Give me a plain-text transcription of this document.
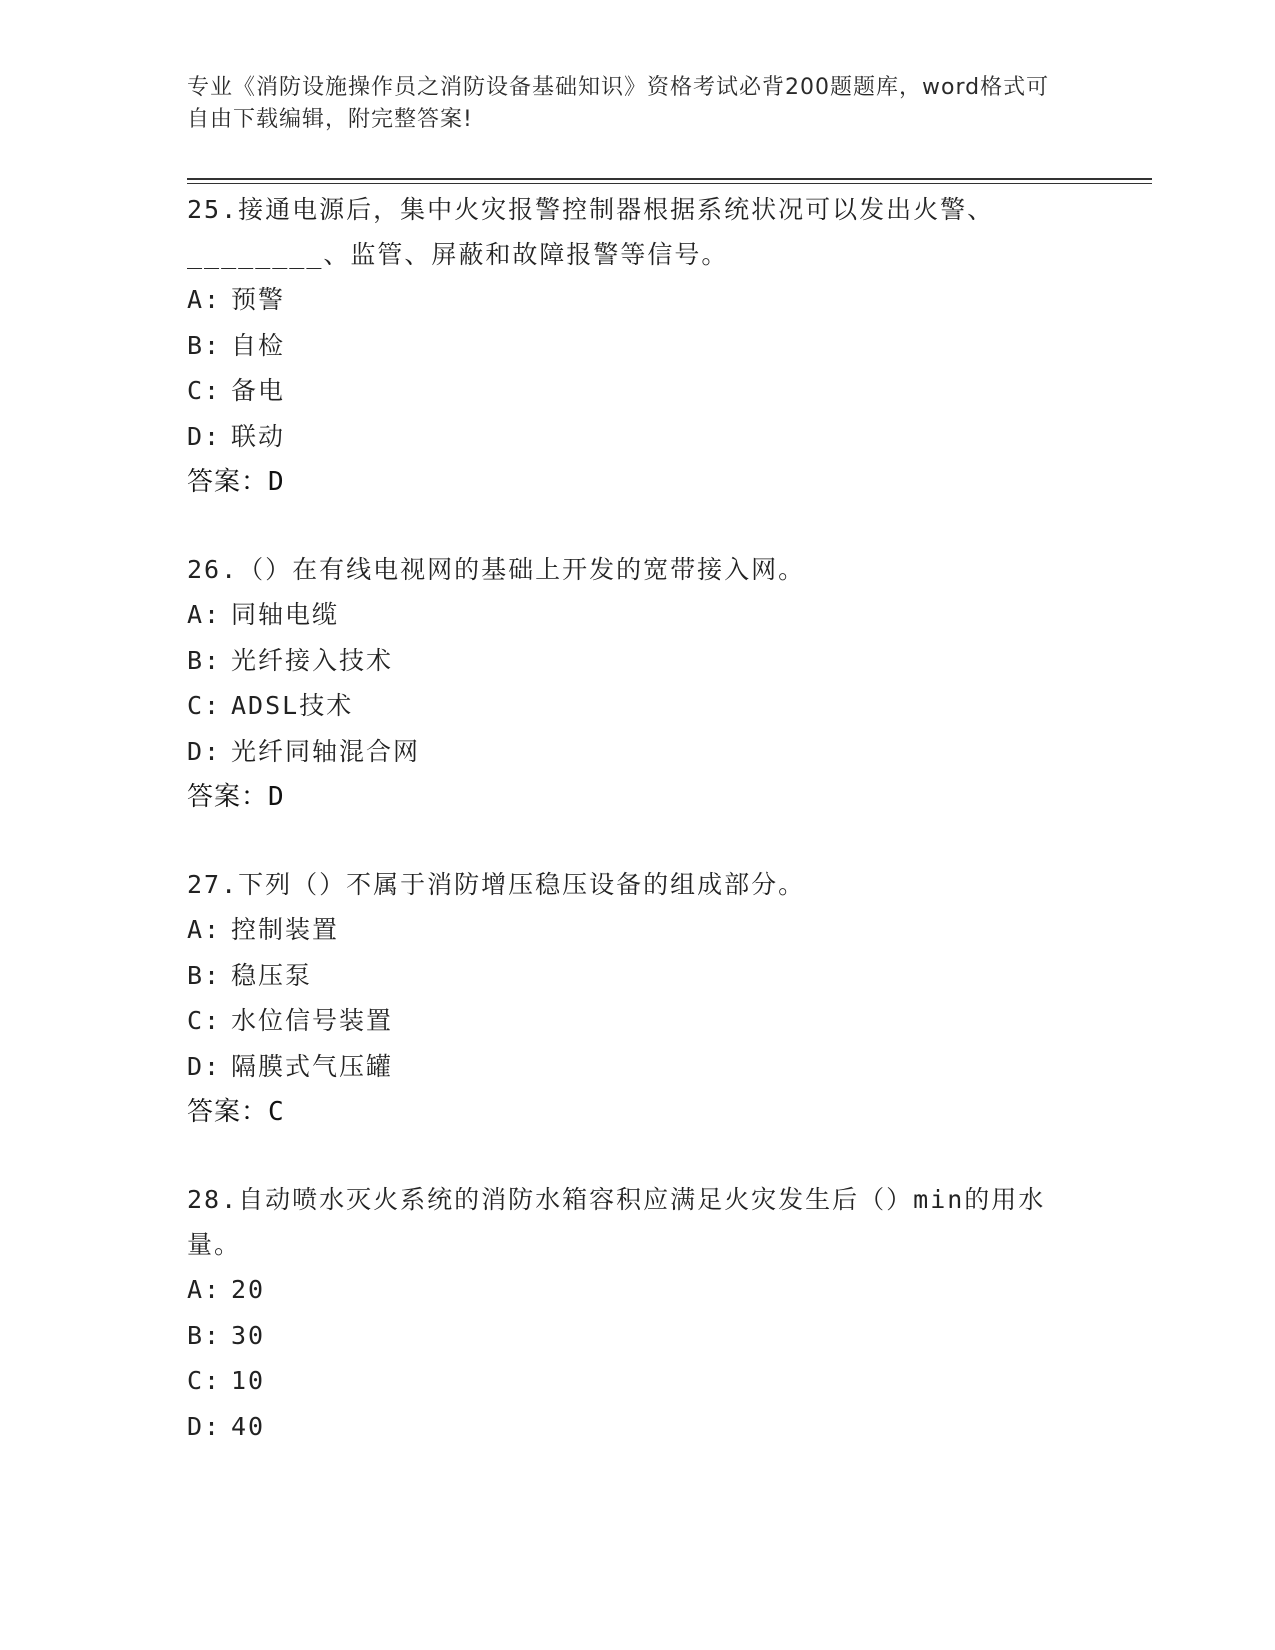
专业《消防设施操作员之消防设备基础知识》资格考试必背200题题库，word格式可自由下载编辑，附完整答案!
25.接通电源后，集中火灾报警控制器根据系统状况可以发出火警、________、监管、屏蔽和故障报警等信号。
A: 预警
B: 自检
C: 备电
D: 联动
答案：D
26.（）在有线电视网的基础上开发的宽带接入网。
A: 同轴电缆
B: 光纤接入技术
C: ADSL技术
D: 光纤同轴混合网
答案：D
27.下列（）不属于消防增压稳压设备的组成部分。
A: 控制装置
B: 稳压泵
C: 水位信号装置
D: 隔膜式气压罐
答案：C
28.自动喷水灭火系统的消防水箱容积应满足火灾发生后（）min的用水量。
A: 20
B: 30
C: 10
D: 40
